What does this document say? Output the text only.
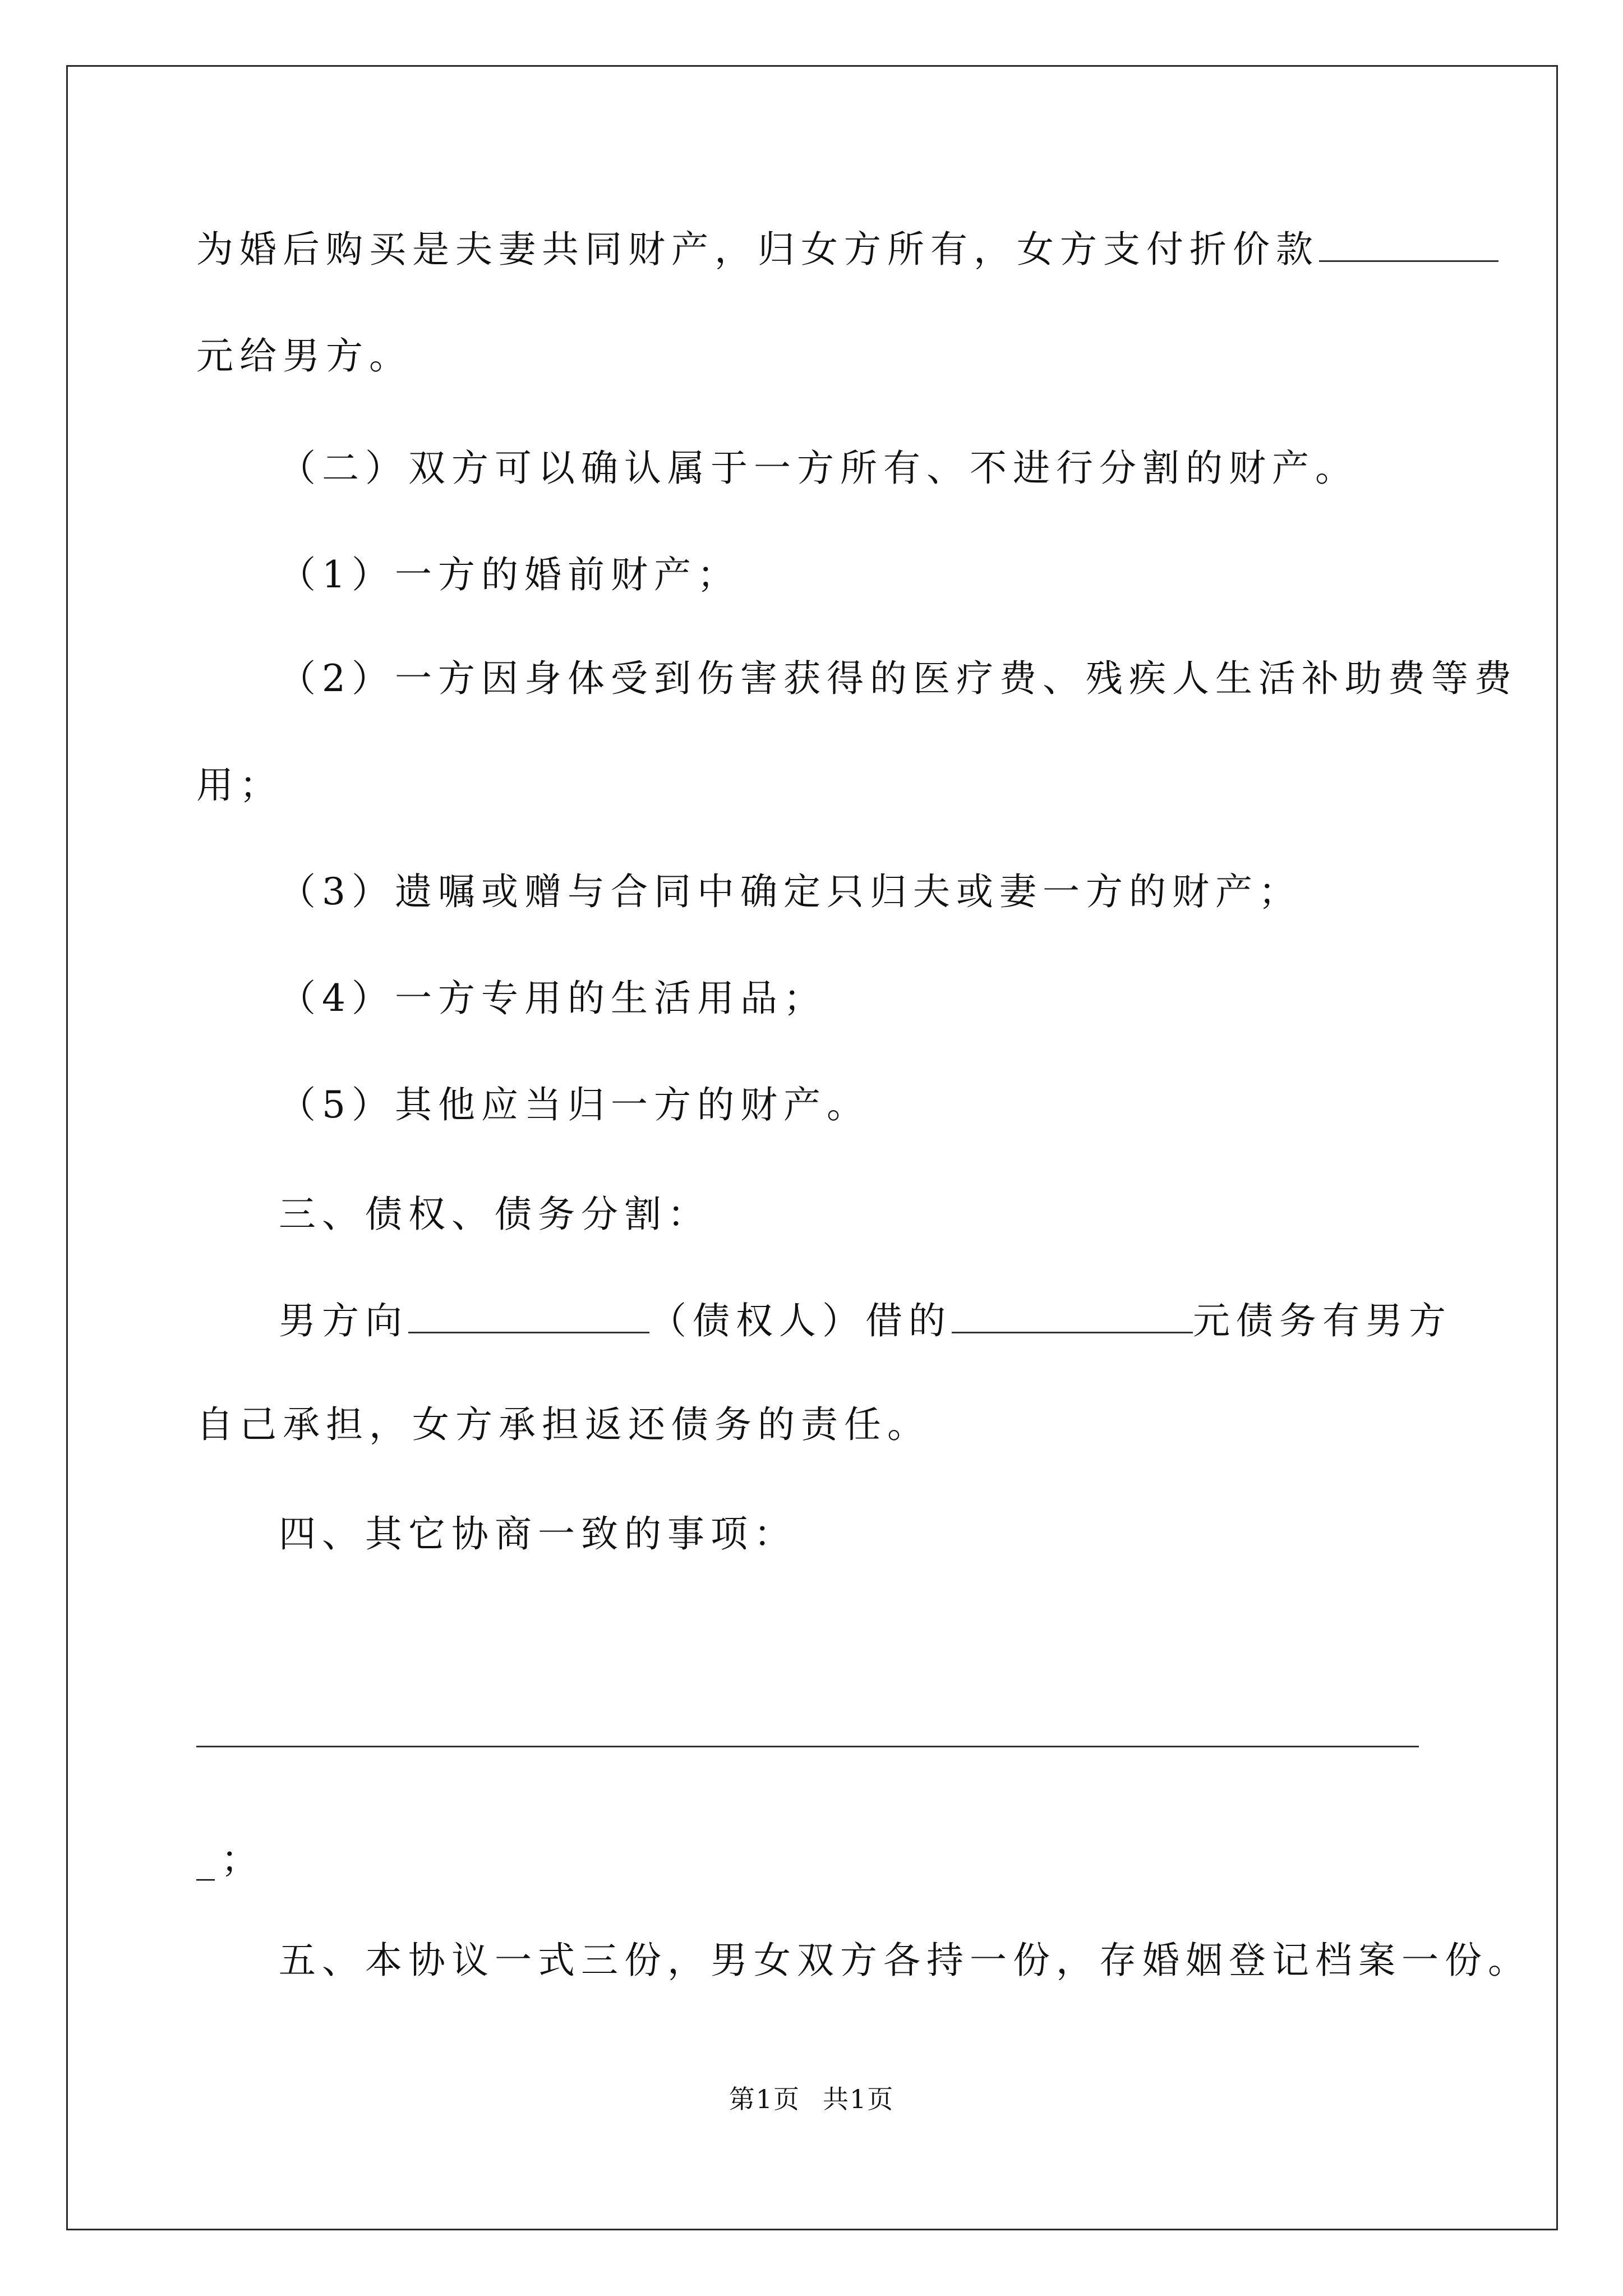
为婚后购买是夫妻共同财产，归女方所有，女方支付折价款
元给男方。
（二）双方可以确认属于一方所有、不进行分割的财产。
（1）一方的婚前财产；
（2）一方因身体受到伤害获得的医疗费、残疾人生活补助费等费
用；
（3）遗嘱或赠与合同中确定只归夫或妻一方的财产；
（4）一方专用的生活用品；
（5）其他应当归一方的财产。
三、债权、债务分割：
男方向	（债权人）借的	元债务有男方
自己承担，女方承担返还债务的责任。
四、其它协商一致的事项：
_；
五、本协议一式三份，男女双方各持一份，存婚姻登记档案一份。
第1页 共1页
